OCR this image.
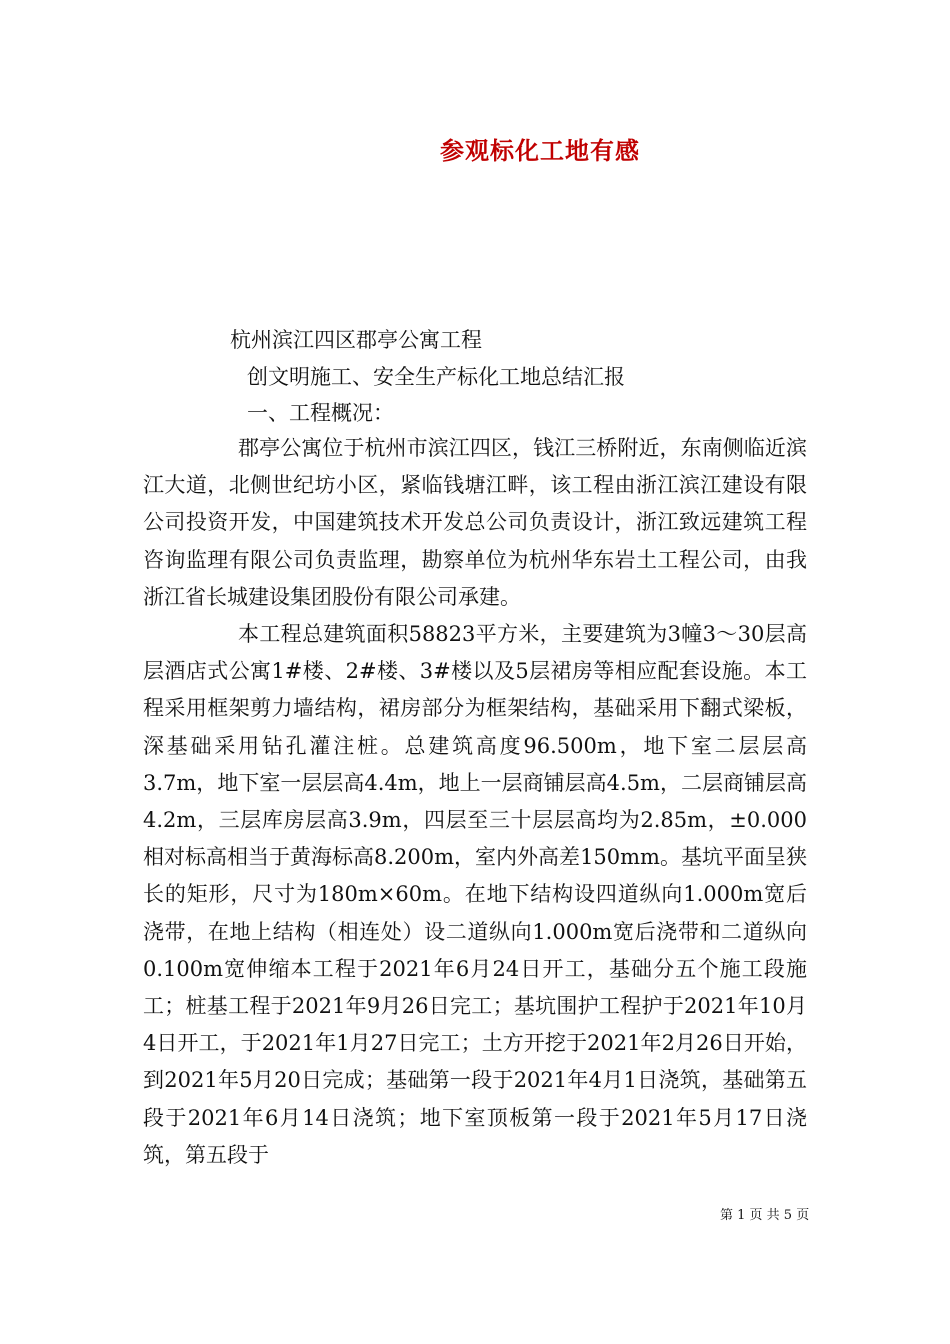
参观标化工地有感
杭州滨江四区郡亭公寓工程
创文明施工、安全生产标化工地总结汇报
一、工程概况：

郡亭公寓位于杭州市滨江四区，钱江三桥附近，东南侧临近滨江大道，北侧世纪坊小区，紧临钱塘江畔，该工程由浙江滨江建设有限公司投资开发，中国建筑技术开发总公司负责设计，浙江致远建筑工程咨询监理有限公司负责监理，勘察单位为杭州华东岩土工程公司，由我浙江省长城建设集团股份有限公司承建。

本工程总建筑面积58823平方米，主要建筑为3幢3～30层高层酒店式公寓1#楼、2#楼、3#楼以及5层裙房等相应配套设施。本工程采用框架剪力墙结构，裙房部分为框架结构，基础采用下翻式梁板，深基础采用钻孔灌注桩。总建筑高度96.500m，地下室二层层高3.7m，地下室一层层高4.4m，地上一层商铺层高4.5m，二层商铺层高4.2m，三层库房层高3.9m，四层至三十层层高均为2.85m，±0.000相对标高相当于黄海标高8.200m，室内外高差150mm。基坑平面呈狭长的矩形，尺寸为180m×60m。在地下结构设四道纵向1.000m宽后浇带，在地上结构（相连处）设二道纵向1.000m宽后浇带和二道纵向0.100m宽伸缩本工程于2021年6月24日开工，基础分五个施工段施工；桩基工程于2021年9月26日完工；基坑围护工程护于2021年10月4日开工，于2021年1月27日完工；土方开挖于2021年2月26日开始，到2021年5月20日完成；基础第一段于2021年4月1日浇筑，基础第五段于2021年6月14日浇筑；地下室顶板第一段于2021年5月17日浇筑，第五段于

第 1 页 共 5 页
